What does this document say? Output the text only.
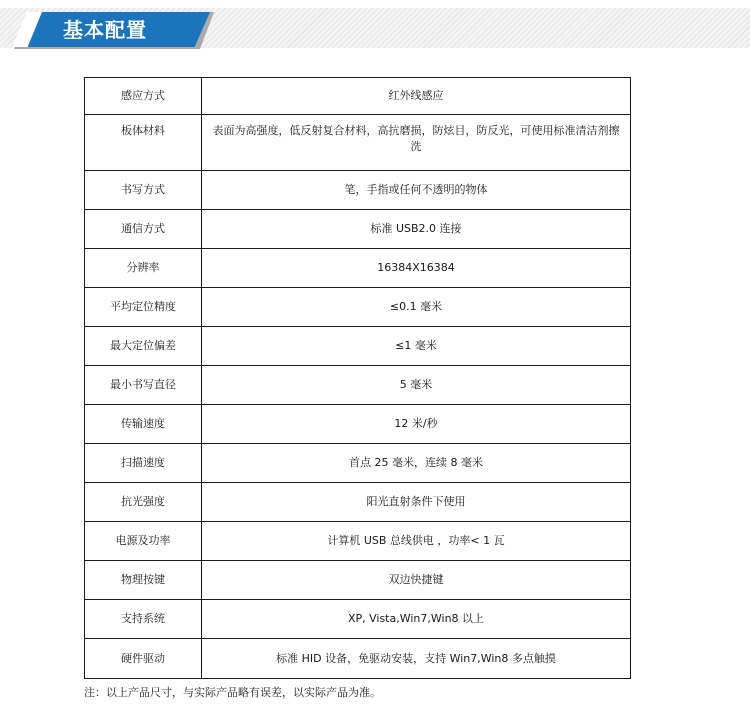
基本配置
感应方式	红外线感应
板体材料	表面为高强度，低反射复合材料，高抗磨损，防炫目，防反光，可使用标准清洁剂擦洗
书写方式	笔，手指或任何不透明的物体
通信方式	标准 USB2.0 连接
分辨率	16384X16384
平均定位精度	≤0.1 毫米
最大定位偏差	≤1 毫米
最小书写直径	5 毫米
传输速度	12 米/秒
扫描速度	首点 25 毫米，连续 8 毫米
抗光强度	阳光直射条件下使用
电源及功率	计算机 USB 总线供电 ，功率< 1 瓦
物理按键	双边快捷键
支持系统	XP, Vista,Win7,Win8 以上
硬件驱动	标准 HID 设备，免驱动安装，支持 Win7,Win8 多点触摸
注：以上产品尺寸，与实际产品略有误差，以实际产品为准。
